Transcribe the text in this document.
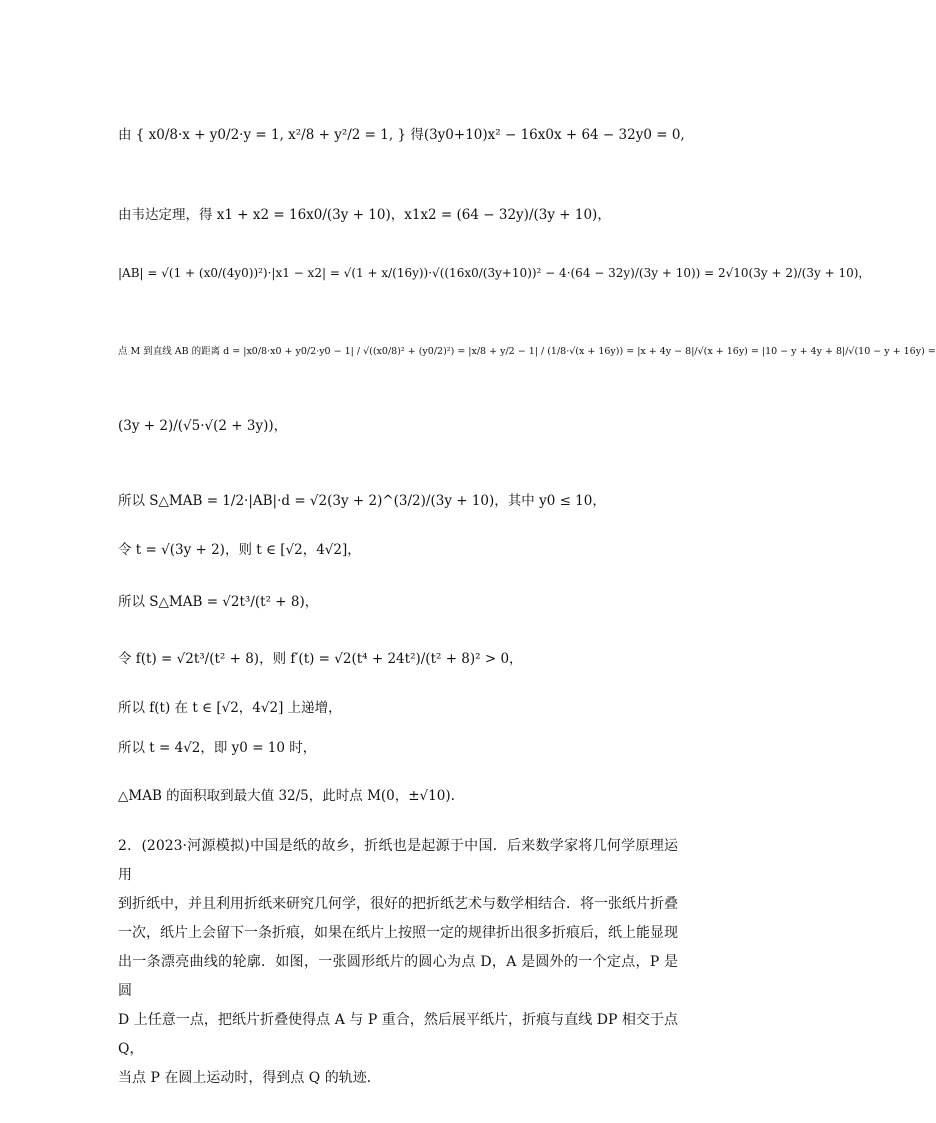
由 { x0/8·x + y0/2·y = 1, x²/8 + y²/2 = 1, } 得(3y0+10)x² − 16x0x + 64 − 32y0 = 0,
由韦达定理，得 x1 + x2 = 16x0/(3y + 10)，x1x2 = (64 − 32y)/(3y + 10)，
|AB| = √(1 + (x0/(4y0))²)·|x1 − x2| = √(1 + x/(16y))·√((16x0/(3y+10))² − 4·(64 − 32y)/(3y + 10)) = 2√10(3y + 2)/(3y + 10)，
点 M 到直线 AB 的距离 d = |x0/8·x0 + y0/2·y0 − 1| / √((x0/8)² + (y0/2)²) = |x/8 + y/2 − 1| / (1/8·√(x + 16y)) = |x + 4y − 8|/√(x + 16y) = |10 − y + 4y + 8|/√(10 − y + 16y) =
(3y + 2)/(√5·√(2 + 3y))，
所以 S△MAB = 1/2·|AB|·d = √2(3y + 2)^(3/2)/(3y + 10)，其中 y0 ≤ 10，
令 t = √(3y + 2)，则 t ∈ [√2，4√2]，
所以 S△MAB = √2t³/(t² + 8)，
令 f(t) = √2t³/(t² + 8)，则 f′(t) = √2(t⁴ + 24t²)/(t² + 8)² > 0，
所以 f(t) 在 t ∈ [√2，4√2] 上递增，
所以 t = 4√2，即 y0 = 10 时，
△MAB 的面积取到最大值 32/5，此时点 M(0，±√10).
2．(2023·河源模拟)中国是纸的故乡，折纸也是起源于中国．后来数学家将几何学原理运用
到折纸中，并且利用折纸来研究几何学，很好的把折纸艺术与数学相结合．将一张纸片折叠
一次，纸片上会留下一条折痕，如果在纸片上按照一定的规律折出很多折痕后，纸上能显现
出一条漂亮曲线的轮廓．如图，一张圆形纸片的圆心为点 D，A 是圆外的一个定点，P 是圆
D 上任意一点，把纸片折叠使得点 A 与 P 重合，然后展平纸片，折痕与直线 DP 相交于点 Q，
当点 P 在圆上运动时，得到点 Q 的轨迹．
